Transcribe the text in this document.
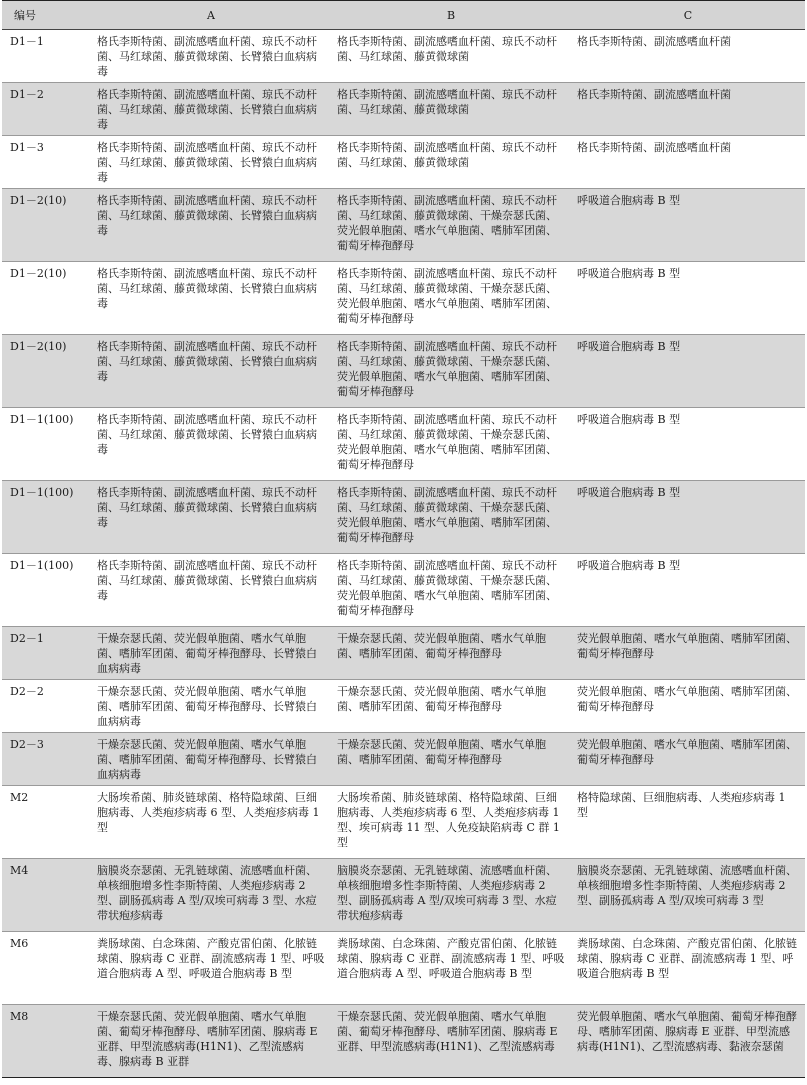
编号	A	B	C
D1－1	格氏李斯特菌、副流感嗜血杆菌、琼氏不动杆菌、马红球菌、藤黄微球菌、长臂猿白血病病毒	格氏李斯特菌、副流感嗜血杆菌、琼氏不动杆菌、马红球菌、藤黄微球菌	格氏李斯特菌、副流感嗜血杆菌
D1－2	格氏李斯特菌、副流感嗜血杆菌、琼氏不动杆菌、马红球菌、藤黄微球菌、长臂猿白血病病毒	格氏李斯特菌、副流感嗜血杆菌、琼氏不动杆菌、马红球菌、藤黄微球菌	格氏李斯特菌、副流感嗜血杆菌
D1－3	格氏李斯特菌、副流感嗜血杆菌、琼氏不动杆菌、马红球菌、藤黄微球菌、长臂猿白血病病毒	格氏李斯特菌、副流感嗜血杆菌、琼氏不动杆菌、马红球菌、藤黄微球菌	格氏李斯特菌、副流感嗜血杆菌
D1－2(10)	格氏李斯特菌、副流感嗜血杆菌、琼氏不动杆菌、马红球菌、藤黄微球菌、长臂猿白血病病毒	格氏李斯特菌、副流感嗜血杆菌、琼氏不动杆菌、马红球菌、藤黄微球菌、干燥奈瑟氏菌、荧光假单胞菌、嗜水气单胞菌、嗜肺军团菌、葡萄牙棒孢酵母	呼吸道合胞病毒 B 型
D1－2(10)	格氏李斯特菌、副流感嗜血杆菌、琼氏不动杆菌、马红球菌、藤黄微球菌、长臂猿白血病病毒	格氏李斯特菌、副流感嗜血杆菌、琼氏不动杆菌、马红球菌、藤黄微球菌、干燥奈瑟氏菌、荧光假单胞菌、嗜水气单胞菌、嗜肺军团菌、葡萄牙棒孢酵母	呼吸道合胞病毒 B 型
D1－2(10)	格氏李斯特菌、副流感嗜血杆菌、琼氏不动杆菌、马红球菌、藤黄微球菌、长臂猿白血病病毒	格氏李斯特菌、副流感嗜血杆菌、琼氏不动杆菌、马红球菌、藤黄微球菌、干燥奈瑟氏菌、荧光假单胞菌、嗜水气单胞菌、嗜肺军团菌、葡萄牙棒孢酵母	呼吸道合胞病毒 B 型
D1－1(100)	格氏李斯特菌、副流感嗜血杆菌、琼氏不动杆菌、马红球菌、藤黄微球菌、长臂猿白血病病毒	格氏李斯特菌、副流感嗜血杆菌、琼氏不动杆菌、马红球菌、藤黄微球菌、干燥奈瑟氏菌、荧光假单胞菌、嗜水气单胞菌、嗜肺军团菌、葡萄牙棒孢酵母	呼吸道合胞病毒 B 型
D1－1(100)	格氏李斯特菌、副流感嗜血杆菌、琼氏不动杆菌、马红球菌、藤黄微球菌、长臂猿白血病病毒	格氏李斯特菌、副流感嗜血杆菌、琼氏不动杆菌、马红球菌、藤黄微球菌、干燥奈瑟氏菌、荧光假单胞菌、嗜水气单胞菌、嗜肺军团菌、葡萄牙棒孢酵母	呼吸道合胞病毒 B 型
D1－1(100)	格氏李斯特菌、副流感嗜血杆菌、琼氏不动杆菌、马红球菌、藤黄微球菌、长臂猿白血病病毒	格氏李斯特菌、副流感嗜血杆菌、琼氏不动杆菌、马红球菌、藤黄微球菌、干燥奈瑟氏菌、荧光假单胞菌、嗜水气单胞菌、嗜肺军团菌、葡萄牙棒孢酵母	呼吸道合胞病毒 B 型
D2－1	干燥奈瑟氏菌、荧光假单胞菌、嗜水气单胞菌、嗜肺军团菌、葡萄牙棒孢酵母、长臂猿白血病病毒	干燥奈瑟氏菌、荧光假单胞菌、嗜水气单胞菌、嗜肺军团菌、葡萄牙棒孢酵母	荧光假单胞菌、嗜水气单胞菌、嗜肺军团菌、葡萄牙棒孢酵母
D2－2	干燥奈瑟氏菌、荧光假单胞菌、嗜水气单胞菌、嗜肺军团菌、葡萄牙棒孢酵母、长臂猿白血病病毒	干燥奈瑟氏菌、荧光假单胞菌、嗜水气单胞菌、嗜肺军团菌、葡萄牙棒孢酵母	荧光假单胞菌、嗜水气单胞菌、嗜肺军团菌、葡萄牙棒孢酵母
D2－3	干燥奈瑟氏菌、荧光假单胞菌、嗜水气单胞菌、嗜肺军团菌、葡萄牙棒孢酵母、长臂猿白血病病毒	干燥奈瑟氏菌、荧光假单胞菌、嗜水气单胞菌、嗜肺军团菌、葡萄牙棒孢酵母	荧光假单胞菌、嗜水气单胞菌、嗜肺军团菌、葡萄牙棒孢酵母
M2	大肠埃希菌、肺炎链球菌、格特隐球菌、巨细胞病毒、人类疱疹病毒 6 型、人类疱疹病毒 1 型	大肠埃希菌、肺炎链球菌、格特隐球菌、巨细胞病毒、人类疱疹病毒 6 型、人类疱疹病毒 1 型、埃可病毒 11 型、人免疫缺陷病毒 C 群 1 型	格特隐球菌、巨细胞病毒、人类疱疹病毒 1 型
M4	脑膜炎奈瑟菌、无乳链球菌、流感嗜血杆菌、单核细胞增多性李斯特菌、人类疱疹病毒 2 型、副肠孤病毒 A 型/双埃可病毒 3 型、水痘带状疱疹病毒	脑膜炎奈瑟菌、无乳链球菌、流感嗜血杆菌、单核细胞增多性李斯特菌、人类疱疹病毒 2 型、副肠孤病毒 A 型/双埃可病毒 3 型、水痘带状疱疹病毒	脑膜炎奈瑟菌、无乳链球菌、流感嗜血杆菌、单核细胞增多性李斯特菌、人类疱疹病毒 2 型、副肠孤病毒 A 型/双埃可病毒 3 型
M6	粪肠球菌、白念珠菌、产酸克雷伯菌、化脓链球菌、腺病毒 C 亚群、副流感病毒 1 型、呼吸道合胞病毒 A 型、呼吸道合胞病毒 B 型	粪肠球菌、白念珠菌、产酸克雷伯菌、化脓链球菌、腺病毒 C 亚群、副流感病毒 1 型、呼吸道合胞病毒 A 型、呼吸道合胞病毒 B 型	粪肠球菌、白念珠菌、产酸克雷伯菌、化脓链球菌、腺病毒 C 亚群、副流感病毒 1 型、呼吸道合胞病毒 B 型
M8	干燥奈瑟氏菌、荧光假单胞菌、嗜水气单胞菌、葡萄牙棒孢酵母、嗜肺军团菌、腺病毒 E 亚群、甲型流感病毒(H1N1)、乙型流感病毒、腺病毒 B 亚群	干燥奈瑟氏菌、荧光假单胞菌、嗜水气单胞菌、葡萄牙棒孢酵母、嗜肺军团菌、腺病毒 E 亚群、甲型流感病毒(H1N1)、乙型流感病毒	荧光假单胞菌、嗜水气单胞菌、葡萄牙棒孢酵母、嗜肺军团菌、腺病毒 E 亚群、甲型流感病毒(H1N1)、乙型流感病毒、黏液奈瑟菌
